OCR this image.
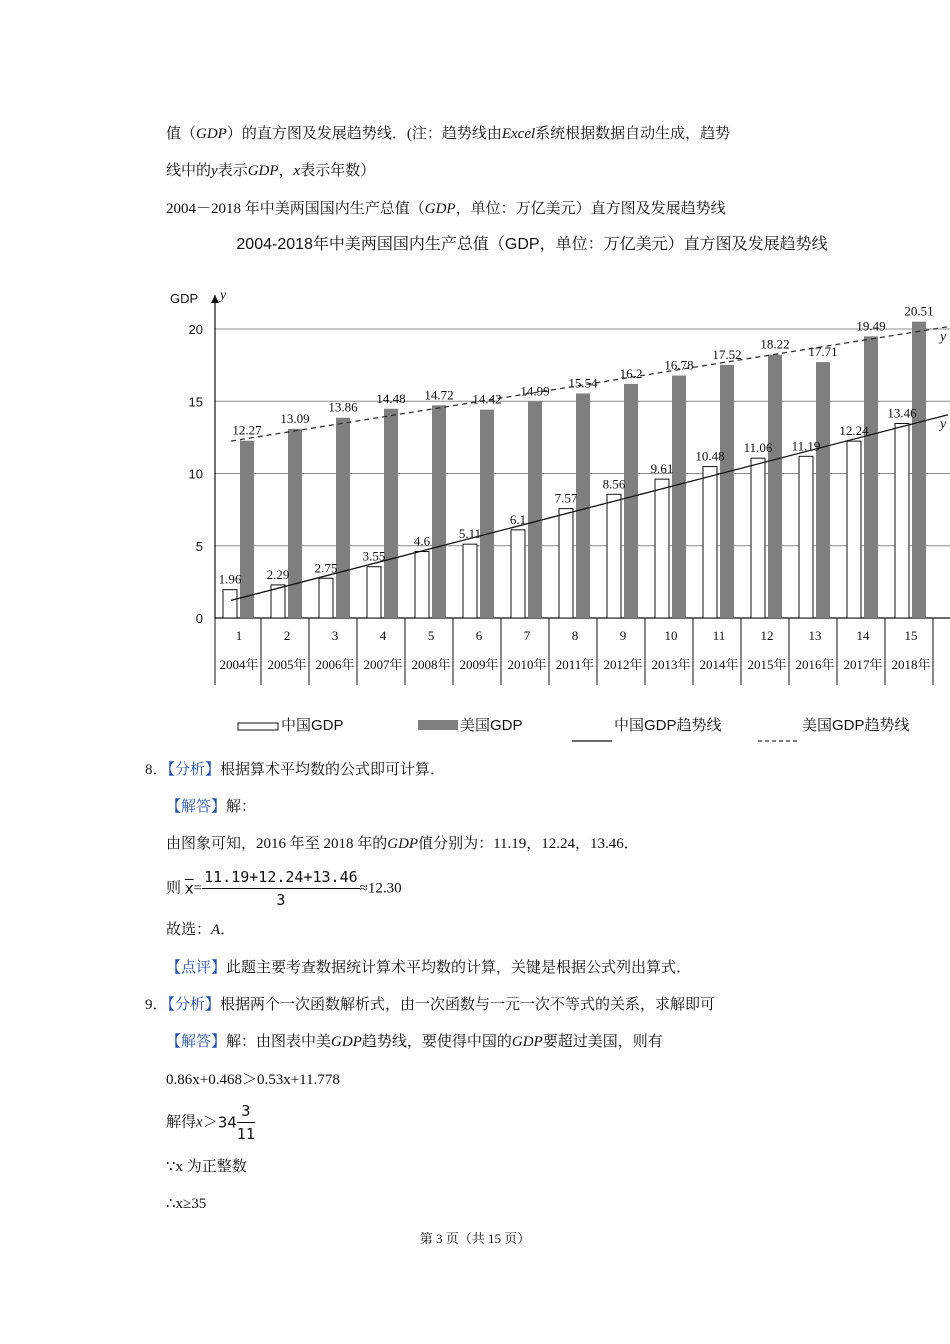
值（GDP）的直方图及发展趋势线．(注：趋势线由Excel系统根据数据自动生成，趋势
线中的y表示GDP，x表示年数）
2004－2018 年中美两国国内生产总值（GDP，单位：万亿美元）直方图及发展趋势线
2004-2018年中美两国国内生产总值（GDP，单位：万亿美元）直方图及发展趋势线
0
5
10
15
20
GDP y
1
2004年
2
2005年
3
2006年
4
2007年
5
2008年
6
2009年
7
2010年
8
2011年
9
2012年
10
2013年
11
2014年
12
2015年
13
2016年
14
2017年
15
2018年
y
y
1.96
12.27
2.29
13.09
2.75
13.86
3.55
14.48
4.6
14.72
5.11
14.42
6.1
14.99
7.57
15.54
8.56
16.2
9.61
16.78
10.48
17.52
11.06
18.22
11.19
17.71
12.24
19.49
13.46
20.51
中国GDP	美国GDP	中国GDP趋势线	美国GDP趋势线
8．【分析】根据算术平均数的公式即可计算．
【解答】解：
由图象可知，2016 年至 2018 年的GDP值分别为：11.19，12.24，13.46．
则 $\overline{x}= \frac{11.19+12.24+13.46}{3} \approx 12.30$
故选：A．
【点评】此题主要考查数据统计算术平均数的计算，关键是根据公式列出算式．
9．【分析】根据两个一次函数解析式，由一次函数与一元一次不等式的关系，求解即可
【解答】解：由图表中美GDP趋势线，要使得中国的GDP要超过美国，则有
0.86x+0.468＞0.53x+11.778
解得$x>34 \frac{3}{11}$
∵x 为正整数
∴x≥35
第 3 页（共 15 页）
